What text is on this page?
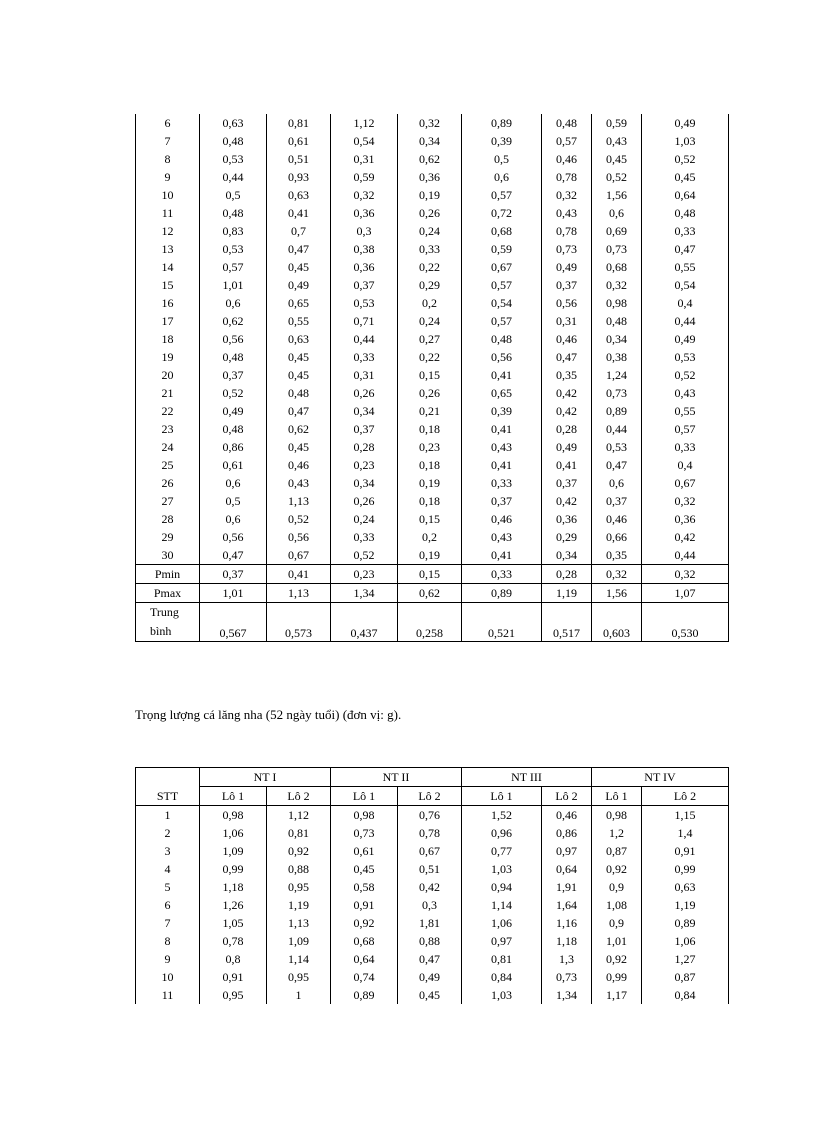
6	0,63	0,81	1,12	0,32	0,89	0,48	0,59	0,49
7	0,48	0,61	0,54	0,34	0,39	0,57	0,43	1,03
8	0,53	0,51	0,31	0,62	0,5	0,46	0,45	0,52
9	0,44	0,93	0,59	0,36	0,6	0,78	0,52	0,45
10	0,5	0,63	0,32	0,19	0,57	0,32	1,56	0,64
11	0,48	0,41	0,36	0,26	0,72	0,43	0,6	0,48
12	0,83	0,7	0,3	0,24	0,68	0,78	0,69	0,33
13	0,53	0,47	0,38	0,33	0,59	0,73	0,73	0,47
14	0,57	0,45	0,36	0,22	0,67	0,49	0,68	0,55
15	1,01	0,49	0,37	0,29	0,57	0,37	0,32	0,54
16	0,6	0,65	0,53	0,2	0,54	0,56	0,98	0,4
17	0,62	0,55	0,71	0,24	0,57	0,31	0,48	0,44
18	0,56	0,63	0,44	0,27	0,48	0,46	0,34	0,49
19	0,48	0,45	0,33	0,22	0,56	0,47	0,38	0,53
20	0,37	0,45	0,31	0,15	0,41	0,35	1,24	0,52
21	0,52	0,48	0,26	0,26	0,65	0,42	0,73	0,43
22	0,49	0,47	0,34	0,21	0,39	0,42	0,89	0,55
23	0,48	0,62	0,37	0,18	0,41	0,28	0,44	0,57
24	0,86	0,45	0,28	0,23	0,43	0,49	0,53	0,33
25	0,61	0,46	0,23	0,18	0,41	0,41	0,47	0,4
26	0,6	0,43	0,34	0,19	0,33	0,37	0,6	0,67
27	0,5	1,13	0,26	0,18	0,37	0,42	0,37	0,32
28	0,6	0,52	0,24	0,15	0,46	0,36	0,46	0,36
29	0,56	0,56	0,33	0,2	0,43	0,29	0,66	0,42
30	0,47	0,67	0,52	0,19	0,41	0,34	0,35	0,44
Pmin	0,37	0,41	0,23	0,15	0,33	0,28	0,32	0,32
Pmax	1,01	1,13	1,34	0,62	0,89	1,19	1,56	1,07

Trung
bình	0,567	0,573	0,437	0,258	0,521	0,517	0,603	0,530

Trọng lượng cá lăng nha (52 ngày tuổi) (đơn vị: g).

	NT I		NT II		NT III		NT IV	
STT	Lô 1	Lô 2	Lô 1	Lô 2	Lô 1	Lô 2	Lô 1	Lô 2
1	0,98	1,12	0,98	0,76	1,52	0,46	0,98	1,15
2	1,06	0,81	0,73	0,78	0,96	0,86	1,2	1,4
3	1,09	0,92	0,61	0,67	0,77	0,97	0,87	0,91
4	0,99	0,88	0,45	0,51	1,03	0,64	0,92	0,99
5	1,18	0,95	0,58	0,42	0,94	1,91	0,9	0,63
6	1,26	1,19	0,91	0,3	1,14	1,64	1,08	1,19
7	1,05	1,13	0,92	1,81	1,06	1,16	0,9	0,89
8	0,78	1,09	0,68	0,88	0,97	1,18	1,01	1,06
9	0,8	1,14	0,64	0,47	0,81	1,3	0,92	1,27
10	0,91	0,95	0,74	0,49	0,84	0,73	0,99	0,87
11	0,95	1	0,89	0,45	1,03	1,34	1,17	0,84
